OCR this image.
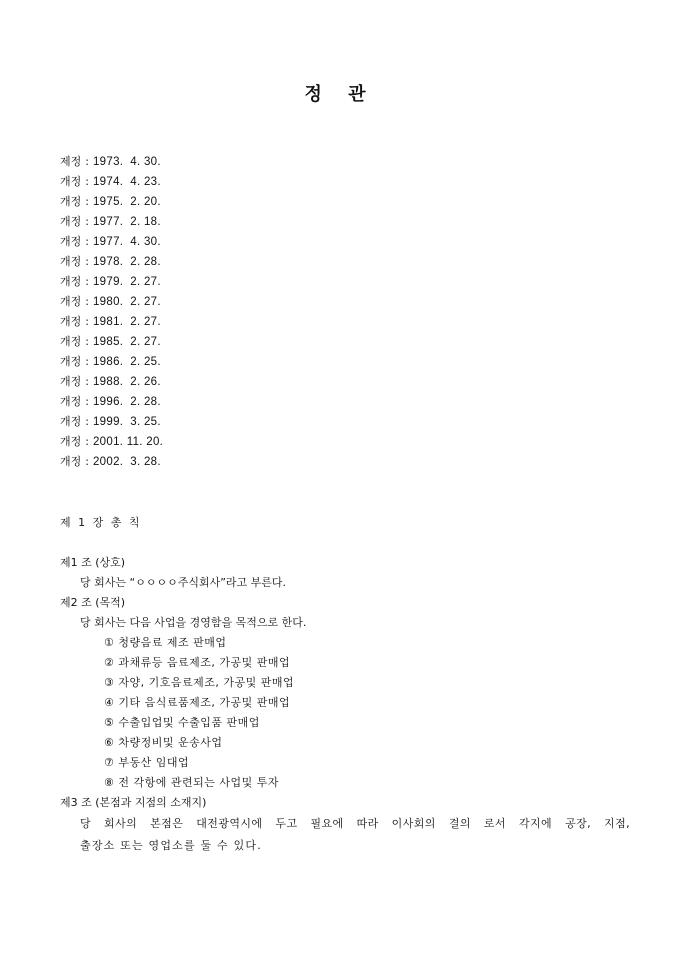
정 관
제정 : 1973.  4. 30.
개정 : 1974.  4. 23.
개정 : 1975.  2. 20.
개정 : 1977.  2. 18.
개정 : 1977.  4. 30.
개정 : 1978.  2. 28.
개정 : 1979.  2. 27.
개정 : 1980.  2. 27.
개정 : 1981.  2. 27.
개정 : 1985.  2. 27.
개정 : 1986.  2. 25.
개정 : 1988.  2. 26.
개정 : 1996.  2. 28.
개정 : 1999.  3. 25.
개정 : 2001. 11. 20.
개정 : 2002.  3. 28.
제 1 장 총 칙
제1 조 (상호)
당 회사는 “ㅇㅇㅇㅇ주식회사”라고 부른다.
제2 조 (목적)
당 회사는 다음 사업을 경영함을 목적으로 한다.
① 청량음료 제조 판매업
② 과채류등 음료제조, 가공및 판매업
③ 자양, 기호음료제조, 가공및 판매업
④ 기타 음식료품제조, 가공및 판매업
⑤ 수출입업및 수출입품 판매업
⑥ 차량정비및 운송사업
⑦ 부동산 임대업
⑧ 전 각항에 관련되는 사업및 투자
제3 조 (본점과 지점의 소재지)
당 회사의 본점은 대전광역시에 두고 필요에 따라 이사회의 결의 로서 각지에 공장, 지점,
출장소 또는 영업소를 둘 수 있다.
